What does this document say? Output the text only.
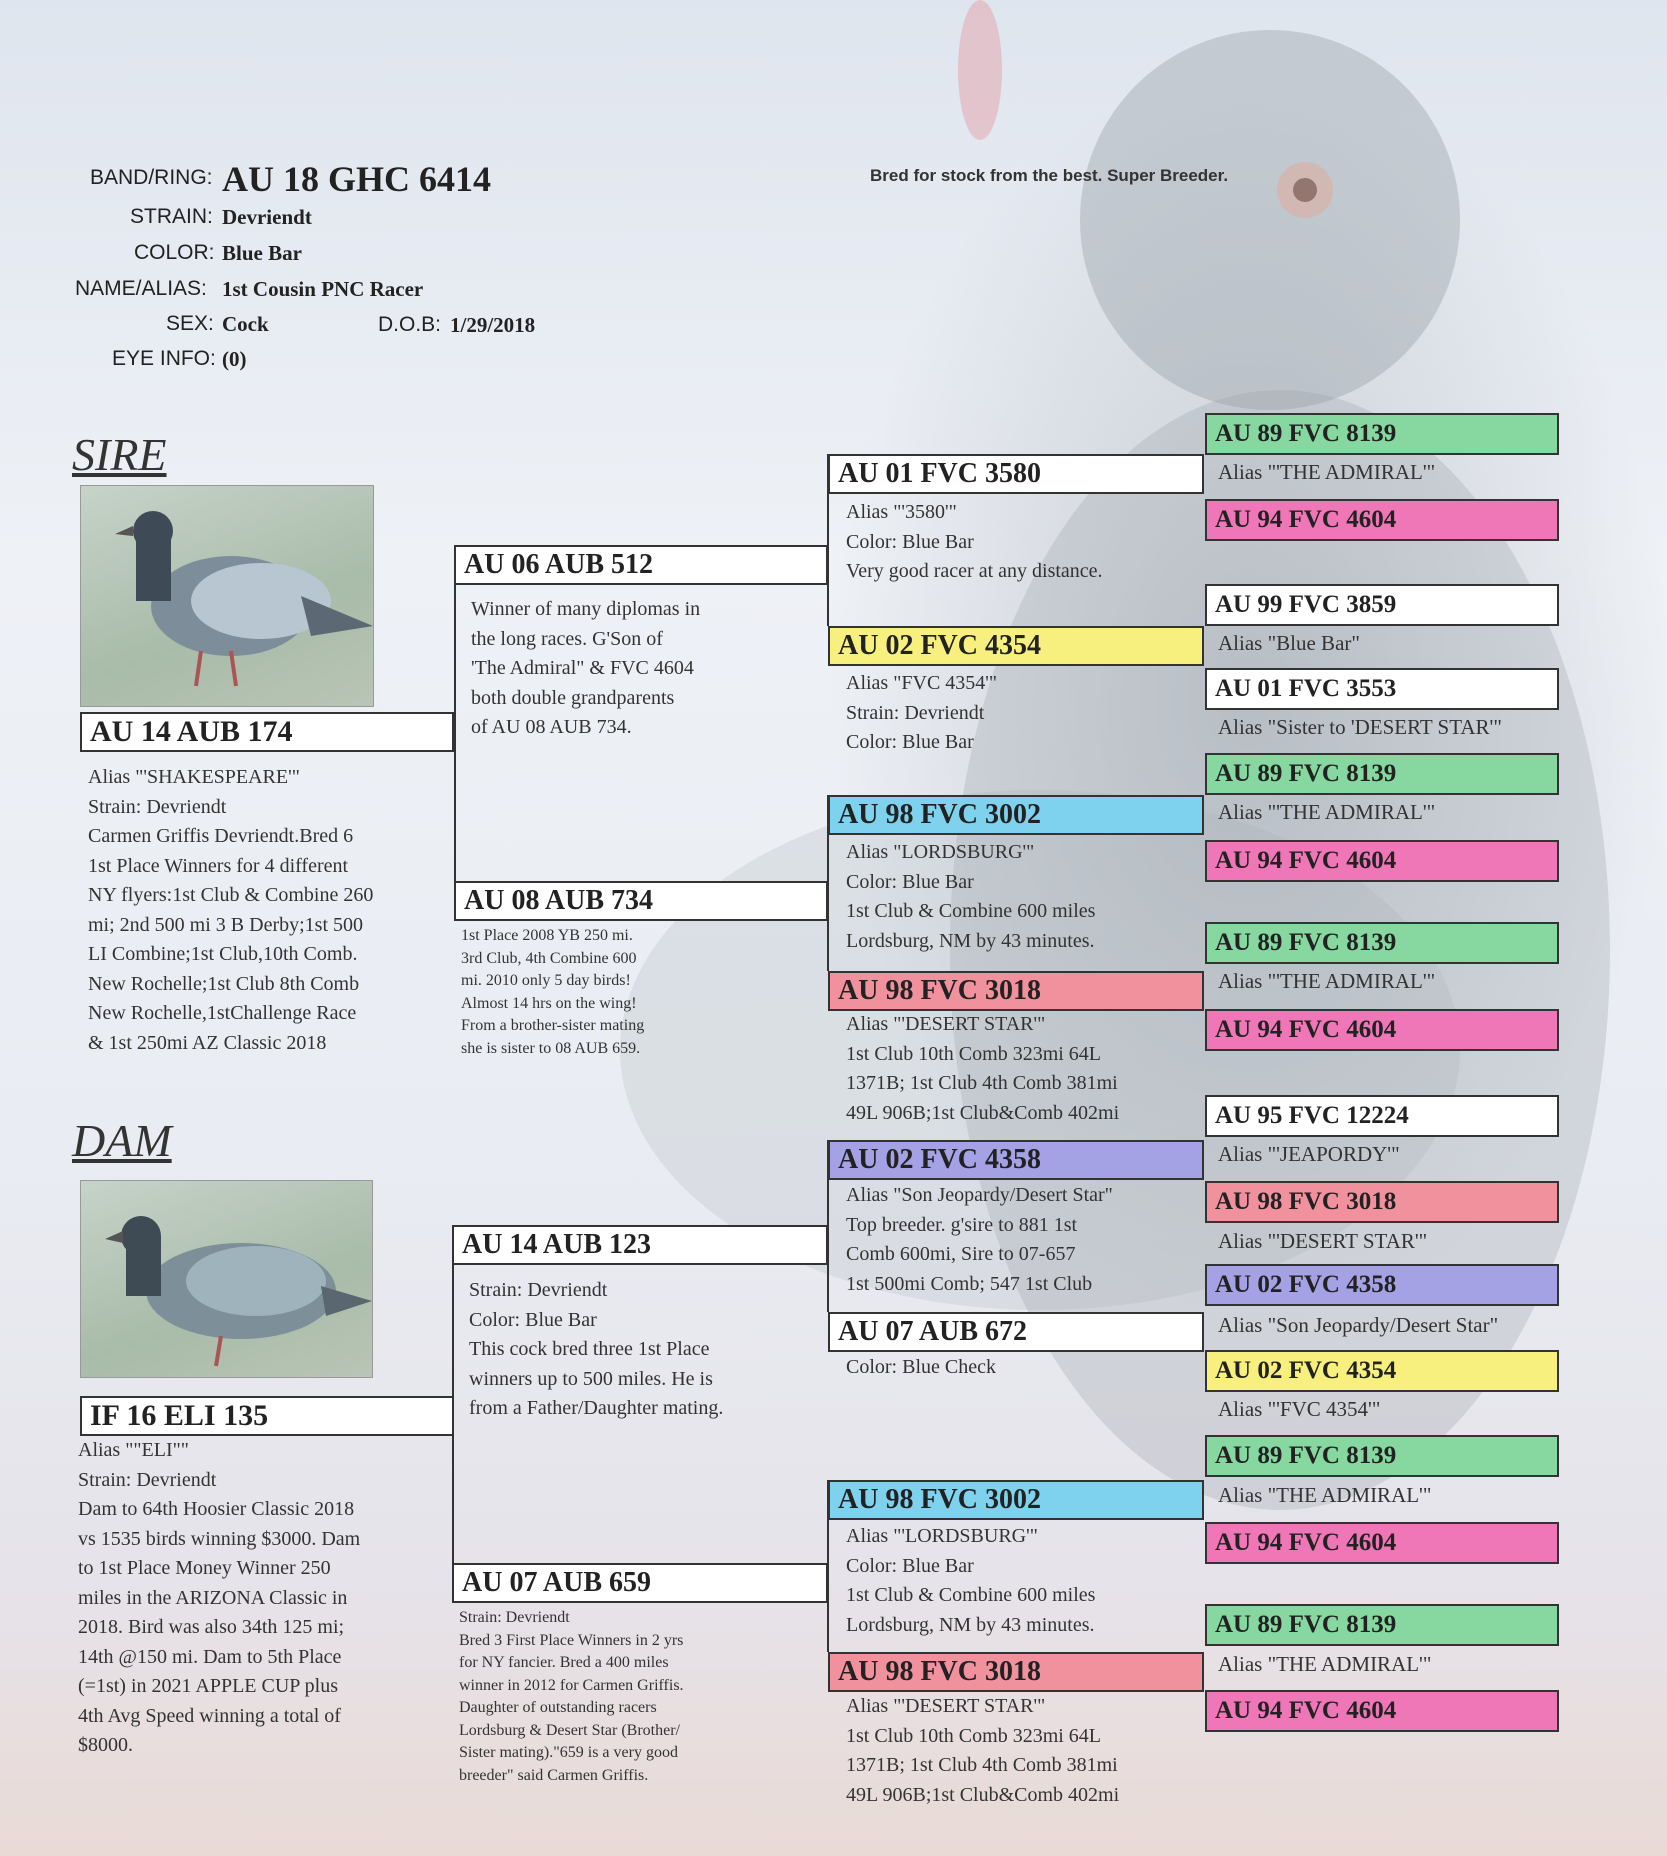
BAND/RING: AU 18 GHC 6414
STRAIN: Devriendt
COLOR: Blue Bar
NAME/ALIAS: 1st Cousin PNC Racer
SEX: Cock	D.O.B: 1/29/2018
EYE INFO: (0)
Bred for stock from the best. Super Breeder.
SIRE
AU 14 AUB 174
Alias "'SHAKESPEARE'"
Strain: Devriendt
Carmen Griffis Devriendt.Bred 6
1st Place Winners for 4 different
NY flyers:1st Club & Combine 260
mi; 2nd 500 mi 3 B Derby;1st 500
LI Combine;1st Club,10th Comb.
New Rochelle;1st Club 8th Comb
New Rochelle,1stChallenge Race
& 1st 250mi AZ Classic 2018
DAM
IF 16 ELI 135
Alias ""ELI""
Strain: Devriendt
Dam to 64th Hoosier Classic 2018
vs 1535 birds winning $3000. Dam
to 1st Place Money Winner 250
miles in the ARIZONA Classic in
2018. Bird was also 34th 125 mi;
14th @150 mi. Dam to 5th Place
(=1st) in 2021 APPLE CUP plus
4th Avg Speed winning a total of
$8000.
AU 06 AUB 512
Winner of many diplomas in
the long races. G'Son of
'The Admiral" & FVC 4604
both double grandparents
of AU 08 AUB 734.
AU 08 AUB 734
1st Place 2008 YB 250 mi.
3rd Club, 4th Combine 600
mi. 2010 only 5 day birds!
Almost 14 hrs on the wing!
From a brother-sister mating
she is sister to 08 AUB 659.
AU 14 AUB 123
Strain: Devriendt
Color: Blue Bar
This cock bred three 1st Place
winners up to 500 miles. He is
from a Father/Daughter mating.
AU 07 AUB 659
Strain: Devriendt
Bred 3 First Place Winners in 2 yrs
for NY fancier. Bred a 400 miles
winner in 2012 for Carmen Griffis.
Daughter of outstanding racers
Lordsburg & Desert Star (Brother/
Sister mating)."659 is a very good
breeder" said Carmen Griffis.
AU 01 FVC 3580
Alias "'3580'"
Color: Blue Bar
Very good racer at any distance.
AU 02 FVC 4354
Alias "FVC 4354'"
Strain: Devriendt
Color: Blue Bar
AU 98 FVC 3002
Alias "LORDSBURG'"
Color: Blue Bar
1st Club & Combine 600 miles
Lordsburg, NM by 43 minutes.
AU 98 FVC 3018
Alias "'DESERT STAR'"
1st Club 10th Comb 323mi 64L
1371B; 1st Club 4th Comb 381mi
49L 906B;1st Club&Comb 402mi
AU 02 FVC 4358
Alias "Son Jeopardy/Desert Star"
Top breeder. g'sire to 881 1st
Comb 600mi, Sire to 07-657
1st 500mi Comb; 547 1st Club
AU 07 AUB 672
Color: Blue Check
AU 98 FVC 3002
Alias "'LORDSBURG'"
Color: Blue Bar
1st Club & Combine 600 miles
Lordsburg, NM by 43 minutes.
AU 98 FVC 3018
Alias "'DESERT STAR'"
1st Club 10th Comb 323mi 64L
1371B; 1st Club 4th Comb 381mi
49L 906B;1st Club&Comb 402mi
AU 89 FVC 8139
Alias "'THE ADMIRAL'"
AU 94 FVC 4604
AU 99 FVC 3859
Alias "Blue Bar"
AU 01 FVC 3553
Alias "Sister to 'DESERT STAR'"
AU 89 FVC 8139
Alias "'THE ADMIRAL'"
AU 94 FVC 4604
AU 89 FVC 8139
Alias "'THE ADMIRAL'"
AU 94 FVC 4604
AU 95 FVC 12224
Alias "'JEAPORDY'"
AU 98 FVC 3018
Alias "'DESERT STAR'"
AU 02 FVC 4358
Alias "Son Jeopardy/Desert Star"
AU 02 FVC 4354
Alias "'FVC 4354'"
AU 89 FVC 8139
Alias "THE ADMIRAL'"
AU 94 FVC 4604
AU 89 FVC 8139
Alias "THE ADMIRAL'"
AU 94 FVC 4604
